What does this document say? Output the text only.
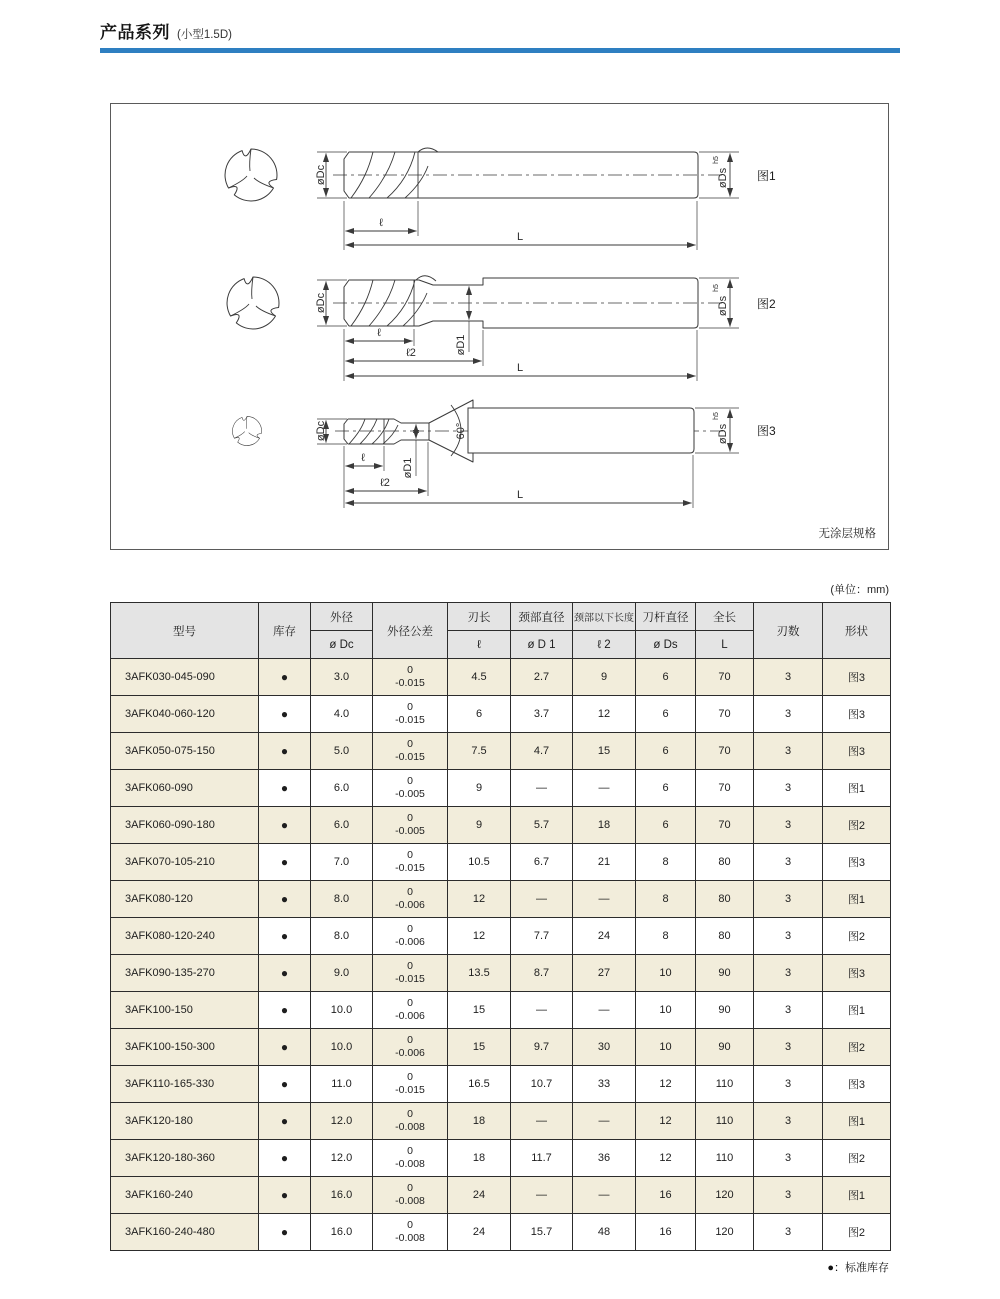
产品系列 (小型1.5D)
øDc	øDs
h5
ℓ
L
图1
øDc
øD1
øDs
h5
ℓ
ℓ2
L
图2
60°
øDc
øD1
øDs
h5
ℓ
ℓ2
L
图3
无涂层规格
(单位：mm)
型号	库存	外径	外径公差	刃长	颈部直径	颈部以下长度	刀杆直径	全长	刃数	形状
		ø Dc		ℓ	ø D 1	ℓ 2	ø Ds	L		
3AFK030-045-090	●	3.0	0
-0.015	4.5	2.7	9	6	70	3	图3
3AFK040-060-120	●	4.0	0
-0.015	6	3.7	12	6	70	3	图3
3AFK050-075-150	●	5.0	0
-0.015	7.5	4.7	15	6	70	3	图3
3AFK060-090	●	6.0	0
-0.005	9	—	—	6	70	3	图1
3AFK060-090-180	●	6.0	0
-0.005	9	5.7	18	6	70	3	图2
3AFK070-105-210	●	7.0	0
-0.015	10.5	6.7	21	8	80	3	图3
3AFK080-120	●	8.0	0
-0.006	12	—	—	8	80	3	图1
3AFK080-120-240	●	8.0	0
-0.006	12	7.7	24	8	80	3	图2
3AFK090-135-270	●	9.0	0
-0.015	13.5	8.7	27	10	90	3	图3
3AFK100-150	●	10.0	0
-0.006	15	—	—	10	90	3	图1
3AFK100-150-300	●	10.0	0
-0.006	15	9.7	30	10	90	3	图2
3AFK110-165-330	●	11.0	0
-0.015	16.5	10.7	33	12	110	3	图3
3AFK120-180	●	12.0	0
-0.008	18	—	—	12	110	3	图1
3AFK120-180-360	●	12.0	0
-0.008	18	11.7	36	12	110	3	图2
3AFK160-240	●	16.0	0
-0.008	24	—	—	16	120	3	图1
3AFK160-240-480	●	16.0	0
-0.008	24	15.7	48	16	120	3	图2
●：标准库存
